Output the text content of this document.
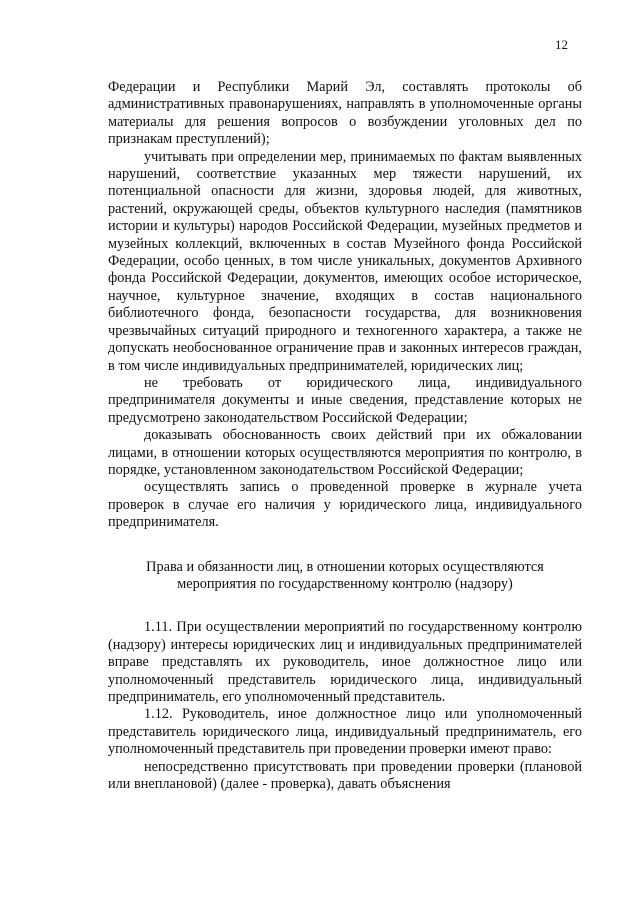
12

Федерации и Республики Марий Эл, составлять протоколы об административных правонарушениях, направлять в уполномоченные органы материалы для решения вопросов о возбуждении уголовных дел по признакам преступлений);

учитывать при определении мер, принимаемых по фактам выявленных нарушений, соответствие указанных мер тяжести нарушений, их потенциальной опасности для жизни, здоровья людей, для животных, растений, окружающей среды, объектов культурного наследия (памятников истории и культуры) народов Российской Федерации, музейных предметов и музейных коллекций, включенных в состав Музейного фонда Российской Федерации, особо ценных, в том числе уникальных, документов Архивного фонда Российской Федерации, документов, имеющих особое историческое, научное, культурное значение, входящих в состав национального библиотечного фонда, безопасности государства, для возникновения чрезвычайных ситуаций природного и техногенного характера, а также не допускать необоснованное ограничение прав и законных интересов граждан, в том числе индивидуальных предпринимателей, юридических лиц;

не требовать от юридического лица, индивидуального предпринимателя документы и иные сведения, представление которых не предусмотрено законодательством Российской Федерации;

доказывать обоснованность своих действий при их обжаловании лицами, в отношении которых осуществляются мероприятия по контролю, в порядке, установленном законодательством Российской Федерации;

осуществлять запись о проведенной проверке в журнале учета проверок в случае его наличия у юридического лица, индивидуального предпринимателя.

Права и обязанности лиц, в отношении которых осуществляются мероприятия по государственному контролю (надзору)

1.11. При осуществлении мероприятий по государственному контролю (надзору) интересы юридических лиц и индивидуальных предпринимателей вправе представлять их руководитель, иное должностное лицо или уполномоченный представитель юридического лица, индивидуальный предприниматель, его уполномоченный представитель.

1.12. Руководитель, иное должностное лицо или уполномоченный представитель юридического лица, индивидуальный предприниматель, его уполномоченный представитель при проведении проверки имеют право:

непосредственно присутствовать при проведении проверки (плановой или внеплановой) (далее - проверка), давать объяснения
